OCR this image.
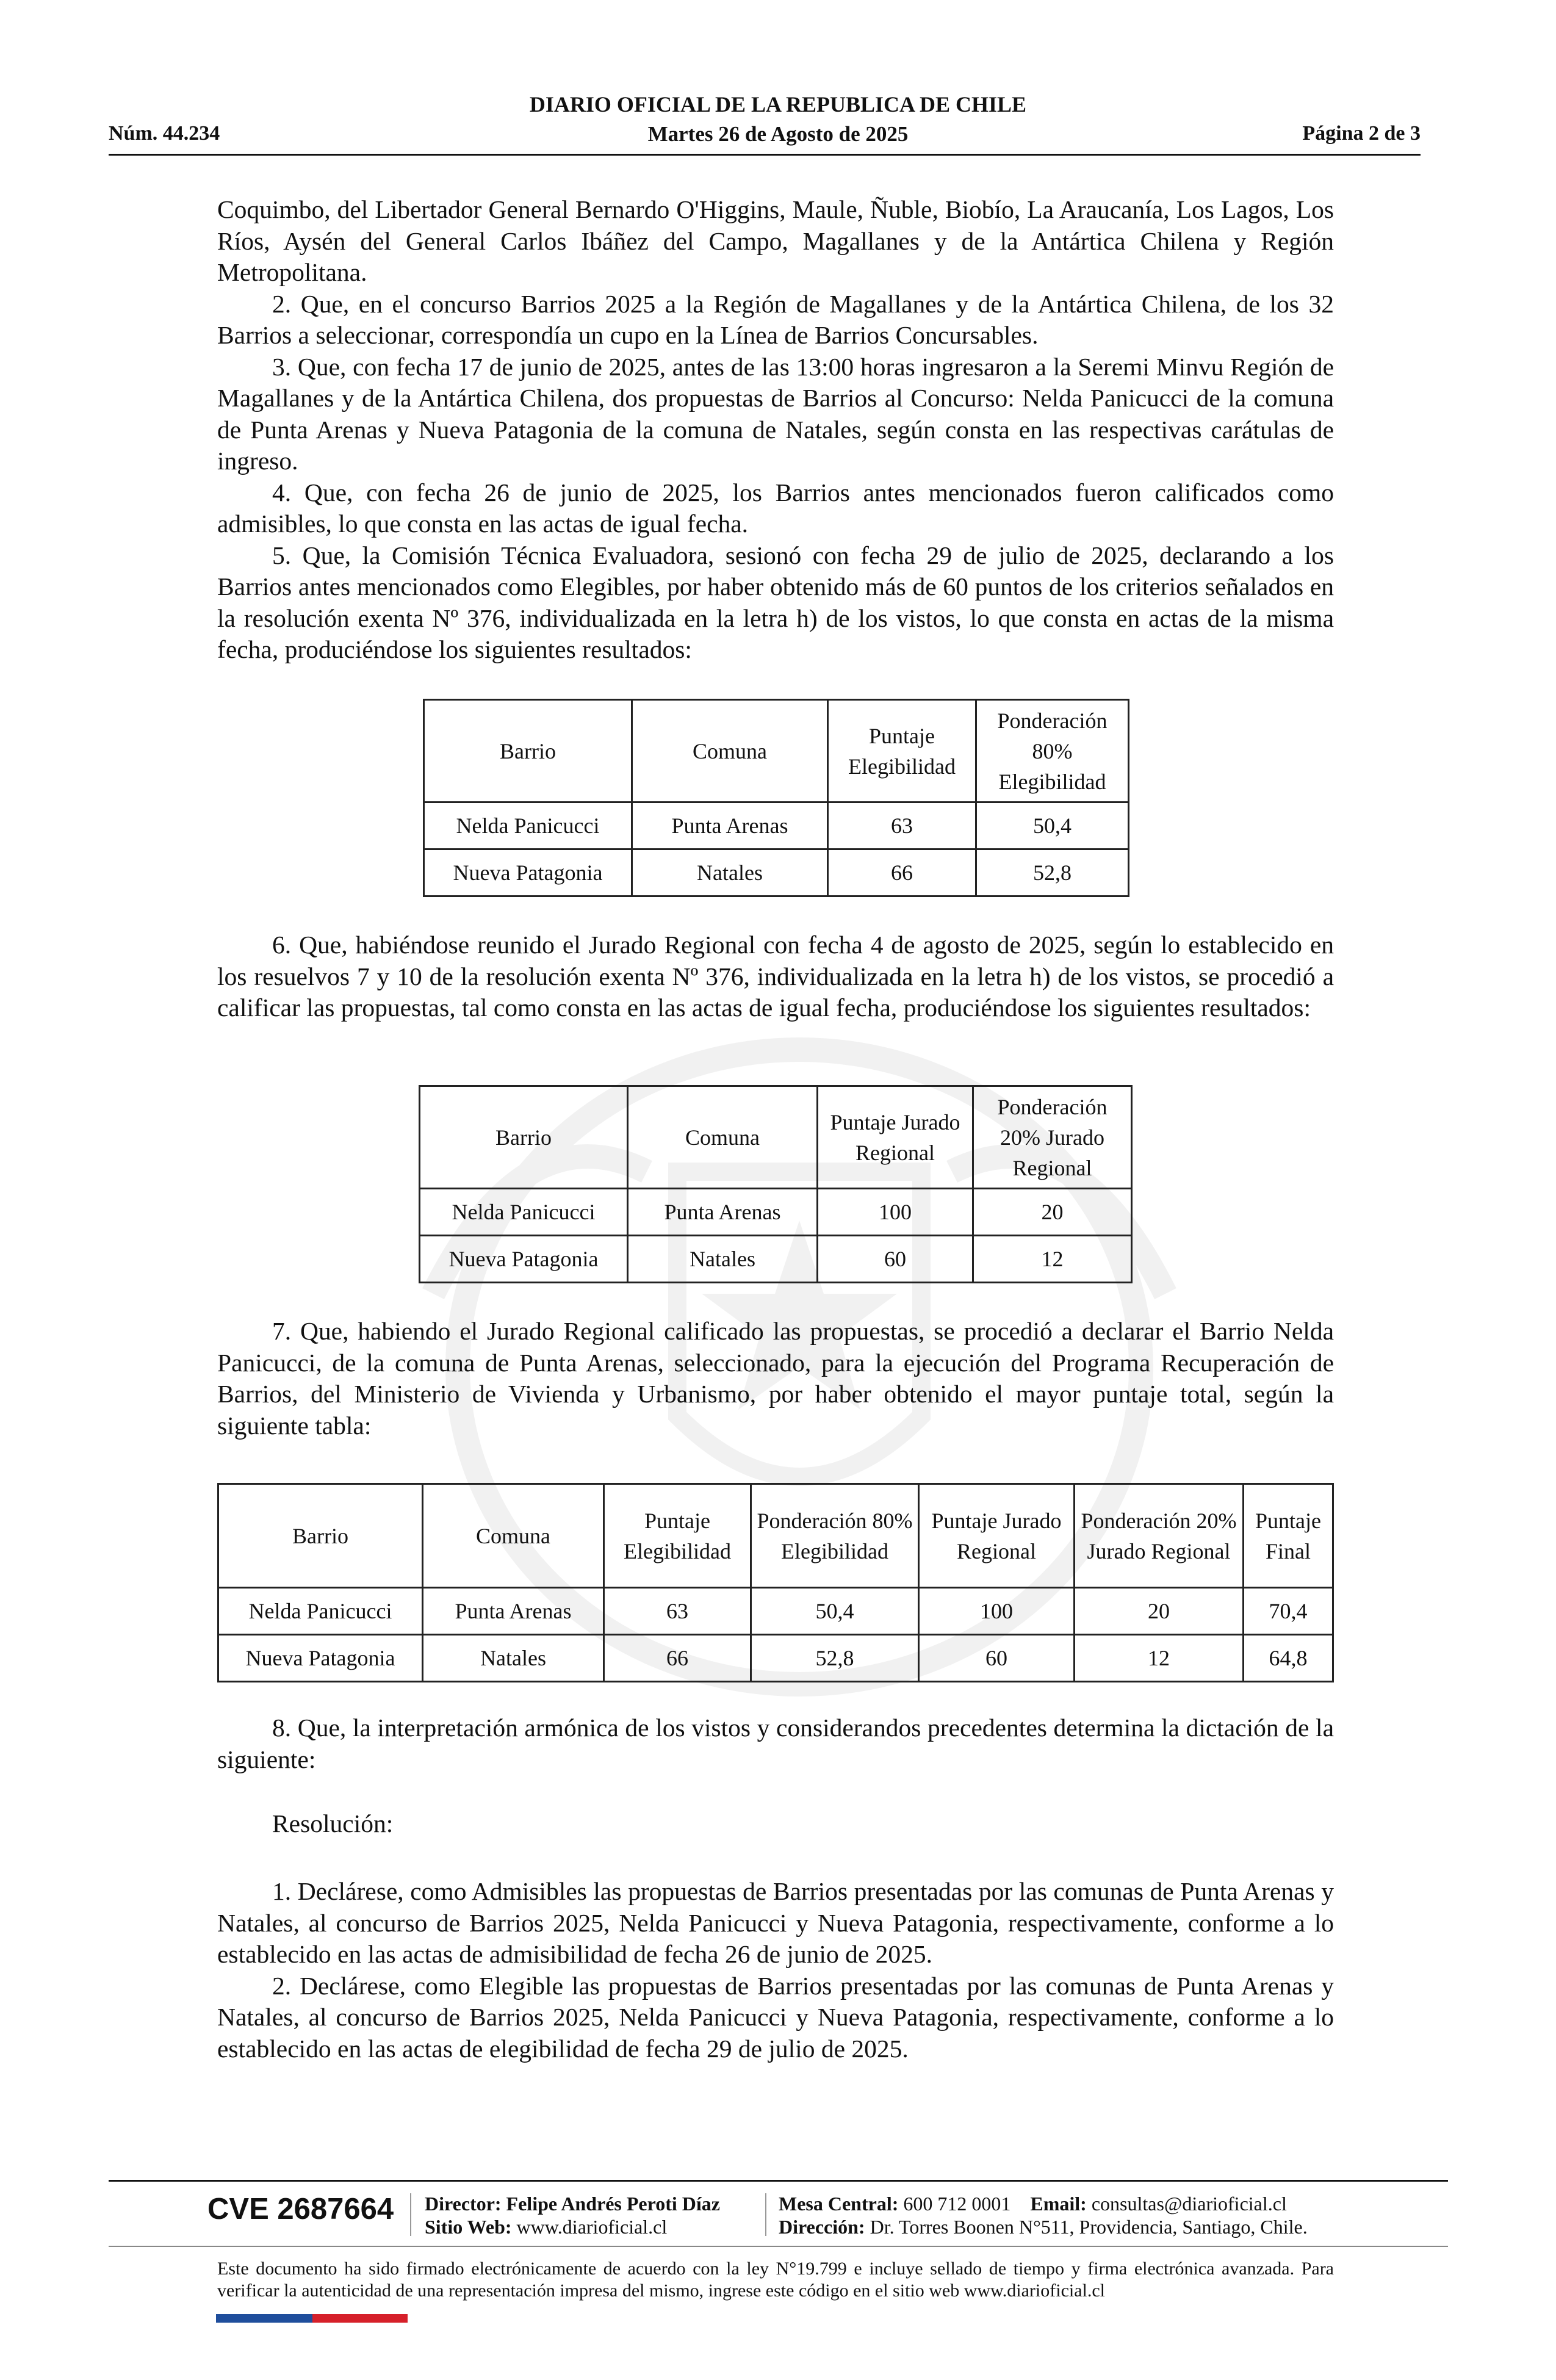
DIARIO OFICIAL DE LA REPUBLICA DE CHILE
Núm. 44.234	Martes 26 de Agosto de 2025	Página 2 de 3

Coquimbo, del Libertador General Bernardo O'Higgins, Maule, Ñuble, Biobío, La Araucanía, Los Lagos, Los Ríos, Aysén del General Carlos Ibáñez del Campo, Magallanes y de la Antártica Chilena y Región Metropolitana.

2. Que, en el concurso Barrios 2025 a la Región de Magallanes y de la Antártica Chilena, de los 32 Barrios a seleccionar, correspondía un cupo en la Línea de Barrios Concursables.

3. Que, con fecha 17 de junio de 2025, antes de las 13:00 horas ingresaron a la Seremi Minvu Región de Magallanes y de la Antártica Chilena, dos propuestas de Barrios al Concurso: Nelda Panicucci de la comuna de Punta Arenas y Nueva Patagonia de la comuna de Natales, según consta en las respectivas carátulas de ingreso.

4. Que, con fecha 26 de junio de 2025, los Barrios antes mencionados fueron calificados como admisibles, lo que consta en las actas de igual fecha.

5. Que, la Comisión Técnica Evaluadora, sesionó con fecha 29 de julio de 2025, declarando a los Barrios antes mencionados como Elegibles, por haber obtenido más de 60 puntos de los criterios señalados en la resolución exenta Nº 376, individualizada en la letra h) de los vistos, lo que consta en actas de la misma fecha, produciéndose los siguientes resultados:

Barrio	Comuna	Puntaje Elegibilidad	Ponderación 80% Elegibilidad
Nelda Panicucci	Punta Arenas	63	50,4
Nueva Patagonia	Natales	66	52,8

6. Que, habiéndose reunido el Jurado Regional con fecha 4 de agosto de 2025, según lo establecido en los resuelvos 7 y 10 de la resolución exenta Nº 376, individualizada en la letra h) de los vistos, se procedió a calificar las propuestas, tal como consta en las actas de igual fecha, produciéndose los siguientes resultados:

Barrio	Comuna	Puntaje Jurado Regional	Ponderación 20% Jurado Regional
Nelda Panicucci	Punta Arenas	100	20
Nueva Patagonia	Natales	60	12

7. Que, habiendo el Jurado Regional calificado las propuestas, se procedió a declarar el Barrio Nelda Panicucci, de la comuna de Punta Arenas, seleccionado, para la ejecución del Programa Recuperación de Barrios, del Ministerio de Vivienda y Urbanismo, por haber obtenido el mayor puntaje total, según la siguiente tabla:

Barrio	Comuna	Puntaje Elegibilidad	Ponderación 80% Elegibilidad	Puntaje Jurado Regional	Ponderación 20% Jurado Regional	Puntaje Final
Nelda Panicucci	Punta Arenas	63	50,4	100	20	70,4
Nueva Patagonia	Natales	66	52,8	60	12	64,8

8. Que, la interpretación armónica de los vistos y considerandos precedentes determina la dictación de la siguiente:

Resolución:

1. Declárese, como Admisibles las propuestas de Barrios presentadas por las comunas de Punta Arenas y Natales, al concurso de Barrios 2025, Nelda Panicucci y Nueva Patagonia, respectivamente, conforme a lo establecido en las actas de admisibilidad de fecha 26 de junio de 2025.

2. Declárese, como Elegible las propuestas de Barrios presentadas por las comunas de Punta Arenas y Natales, al concurso de Barrios 2025, Nelda Panicucci y Nueva Patagonia, respectivamente, conforme a lo establecido en las actas de elegibilidad de fecha 29 de julio de 2025.

CVE 2687664 Director: Felipe Andrés Peroti Díaz
Sitio Web: www.diarioficial.cl
Mesa Central: 600 712 0001 Email: consultas@diarioficial.cl
Dirección: Dr. Torres Boonen N°511, Providencia, Santiago, Chile.
Este documento ha sido firmado electrónicamente de acuerdo con la ley N°19.799 e incluye sellado de tiempo y firma electrónica avanzada. Para verificar la autenticidad de una representación impresa del mismo, ingrese este código en el sitio web www.diarioficial.cl
